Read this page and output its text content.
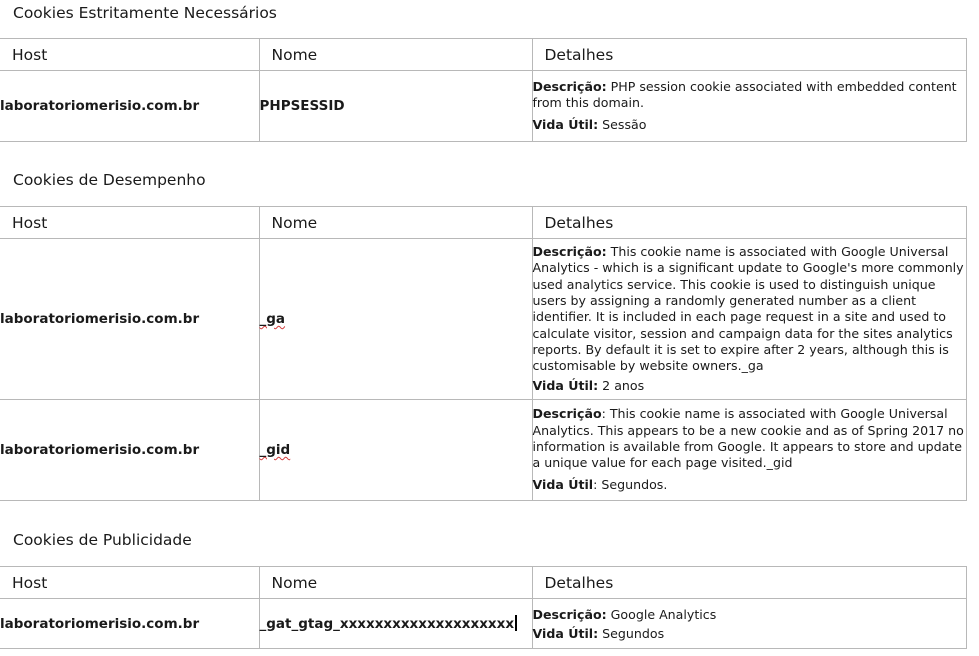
Cookies Estritamente Necessários
Host	Nome	Detalhes
laboratoriomerisio.com.br	PHPSESSID	Descrição: PHP session cookie associated with embedded content from this domain.
Vida Útil: Sessão
Cookies de Desempenho
Host	Nome	Detalhes
laboratoriomerisio.com.br	_ga	Descrição: This cookie name is associated with Google Universal Analytics - which is a significant update to Google's more commonly used analytics service. This cookie is used to distinguish unique users by assigning a randomly generated number as a client identifier. It is included in each page request in a site and used to calculate visitor, session and campaign data for the sites analytics reports. By default it is set to expire after 2 years, although this is customisable by website owners._ga
Vida Útil: 2 anos

laboratoriomerisio.com.br	_gid	Descrição: This cookie name is associated with Google Universal Analytics. This appears to be a new cookie and as of Spring 2017 no information is available from Google. It appears to store and update a unique value for each page visited._gid
Vida Útil: Segundos.
Cookies de Publicidade
Host	Nome	Detalhes
laboratoriomerisio.com.br	_gat_gtag_xxxxxxxxxxxxxxxxxxxx	Descrição: Google Analytics
Vida Útil: Segundos
